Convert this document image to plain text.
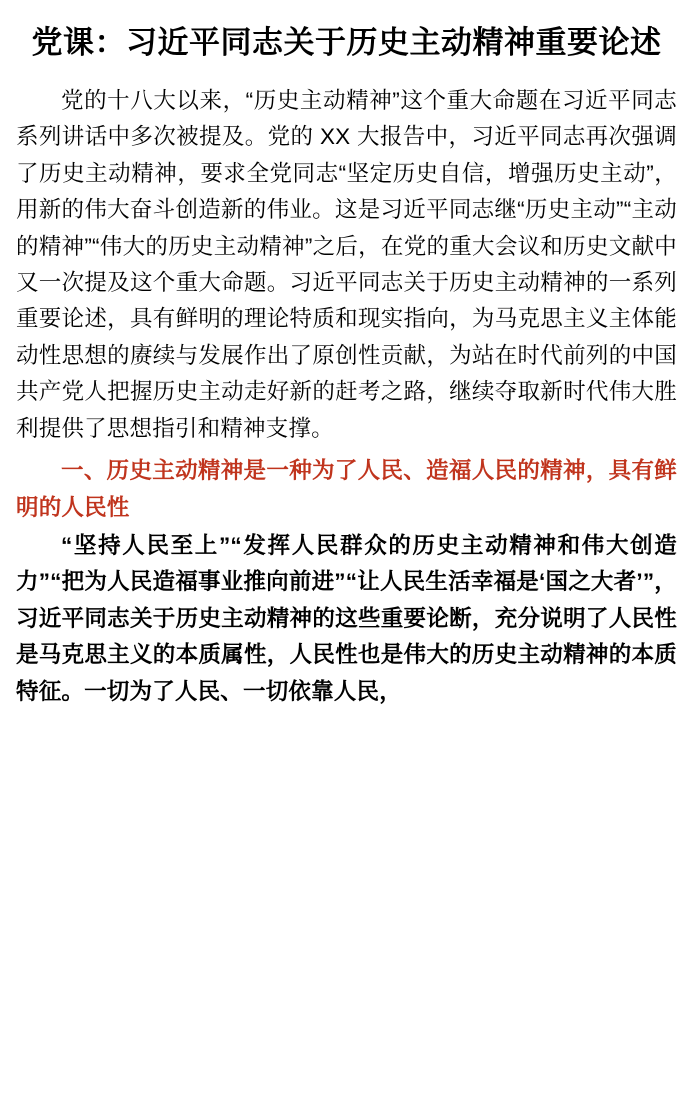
党课：习近平同志关于历史主动精神重要论述

党的十八大以来，“历史主动精神”这个重大命题在习近平同志系列讲话中多次被提及。党的 XX 大报告中，习近平同志再次强调了历史主动精神，要求全党同志“坚定历史自信，增强历史主动”，用新的伟大奋斗创造新的伟业。这是习近平同志继“历史主动”“主动的精神”“伟大的历史主动精神”之后，在党的重大会议和历史文献中又一次提及这个重大命题。习近平同志关于历史主动精神的一系列重要论述，具有鲜明的理论特质和现实指向，为马克思主义主体能动性思想的赓续与发展作出了原创性贡献，为站在时代前列的中国共产党人把握历史主动走好新的赶考之路，继续夺取新时代伟大胜利提供了思想指引和精神支撑。

一、历史主动精神是一种为了人民、造福人民的精神，具有鲜明的人民性

“坚持人民至上”“发挥人民群众的历史主动精神和伟大创造力”“把为人民造福事业推向前进”“让人民生活幸福是‘国之大者’”，习近平同志关于历史主动精神的这些重要论断，充分说明了人民性是马克思主义的本质属性，人民性也是伟大的历史主动精神的本质特征。一切为了人民、一切依靠人民，
